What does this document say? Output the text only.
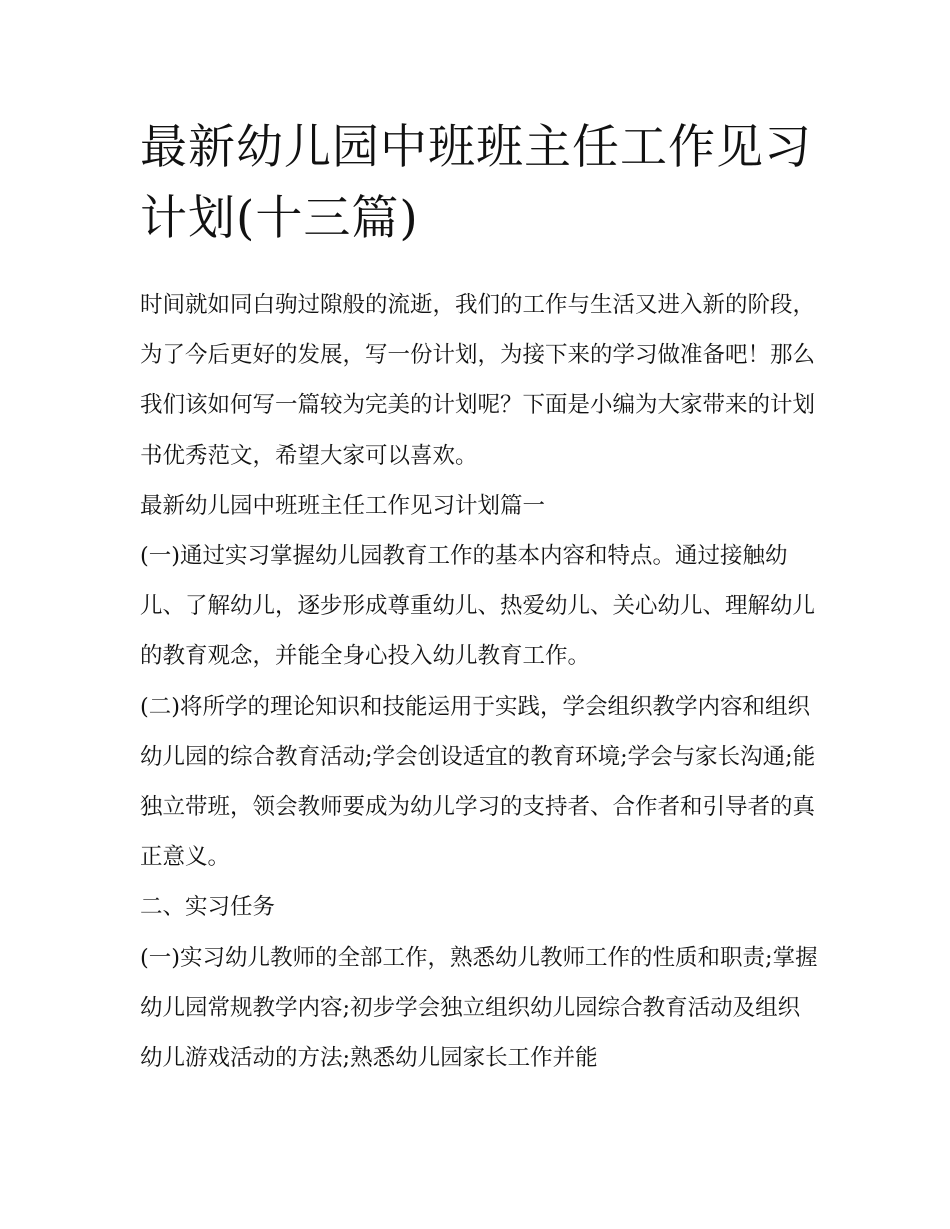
最新幼儿园中班班主任工作见习计划(十三篇)

时间就如同白驹过隙般的流逝，我们的工作与生活又进入新的阶段，为了今后更好的发展，写一份计划，为接下来的学习做准备吧！那么我们该如何写一篇较为完美的计划呢？下面是小编为大家带来的计划书优秀范文，希望大家可以喜欢。

最新幼儿园中班班主任工作见习计划篇一

(一)通过实习掌握幼儿园教育工作的基本内容和特点。通过接触幼儿、了解幼儿，逐步形成尊重幼儿、热爱幼儿、关心幼儿、理解幼儿的教育观念，并能全身心投入幼儿教育工作。

(二)将所学的理论知识和技能运用于实践，学会组织教学内容和组织幼儿园的综合教育活动;学会创设适宜的教育环境;学会与家长沟通;能独立带班，领会教师要成为幼儿学习的支持者、合作者和引导者的真正意义。

二、实习任务

(一)实习幼儿教师的全部工作，熟悉幼儿教师工作的性质和职责;掌握幼儿园常规教学内容;初步学会独立组织幼儿园综合教育活动及组织幼儿游戏活动的方法;熟悉幼儿园家长工作并能
